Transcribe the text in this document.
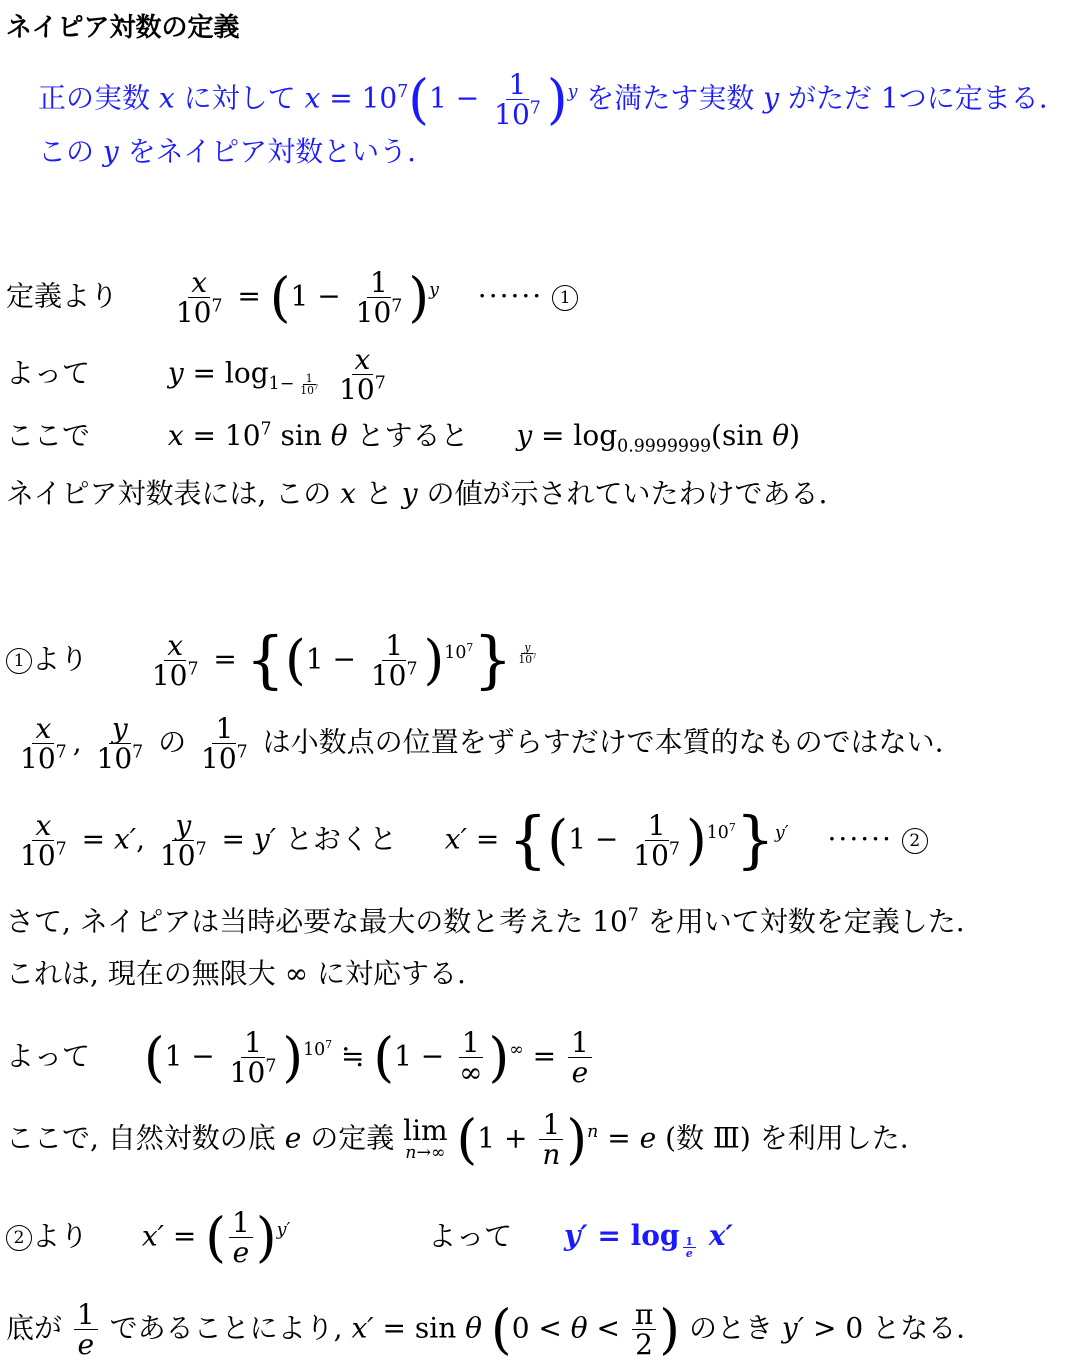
ネイピア対数の定義
正の実数 x に対して $x = 10^7(1 - \frac{1}{10^7} )^y$ を満たす実数 y がただ 1つに定まる.
この y をネイピア対数という.
定義より $\frac{x}{10^7} = (1 - \frac{1}{10^7} )^y$ ······ 1
よって	$y = \log_{1- \frac{1}{10^7}}$
$\frac{x}{10^7}$
ここで	$x = 10^7$ sin θ とすると $y = \log_{0.9999999}(\sin$ θ)
ネイピア対数表には, この x と y の値が示されていたわけである.
1 より $\frac{x}{10^7} = \{(1 - \frac{1}{10^7} )^{10^7}\}$ $^{\frac{y}{10^7}}$
$\frac{x}{10^7}$ , $\frac{y}{10^7}$ の $\frac{1}{10^7}$ は小数点の位置をずらすだけで本質的なものではない.
$\frac{x}{10^7} = x'$, $\frac{y}{10^7} = y'$ とおくと $x' = \{(1 - \frac{1}{10^7} )^{10^7}\}^{y'}$ ······ 2
さて, ネイピアは当時必要な最大の数と考えた $10^7$ を用いて対数を定義した.
これは, 現在の無限大 ∞ に対応する.
よって $(1 - \frac{1}{10^7} )^{10^7}$ ≒ $(1 - \frac{1}{\infty} )^\infty = \frac{1}{e}$
ここで, 自然対数の底 e の定義 lim
n→∞ $(1 + \frac{1}{n} )^n = e$ (数 Ⅲ) を利用した.
2 より x′ = ( $\frac{1}{e} )^{y'}$	よって y′ = log $_{\frac{1}{e}}$ x′
底が $\frac{1}{e}$ であることにより, x′ = sin θ ($0 < \theta < \frac{\pi}{2}$ ) のとき y′ > 0 となる.
